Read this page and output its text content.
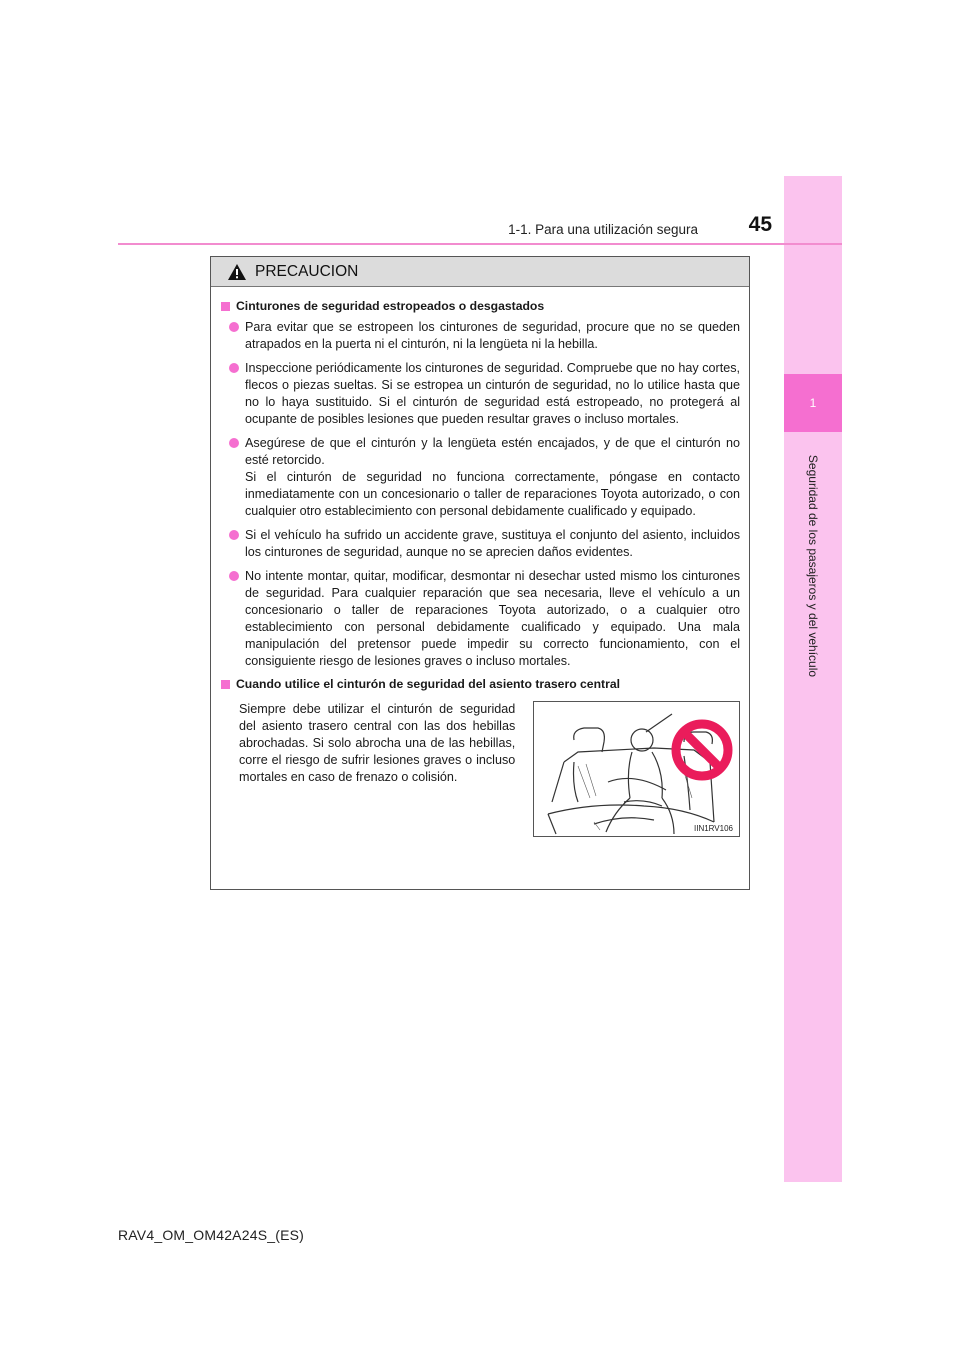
1
Seguridad de los pasajeros y del vehículo
1-1. Para una utilización segura	45
PRECAUCION
Cinturones de seguridad estropeados o desgastados
Para evitar que se estropeen los cinturones de seguridad, procure que no se queden atrapados en la puerta ni el cinturón, ni la lengüeta ni la hebilla.
Inspeccione periódicamente los cinturones de seguridad. Compruebe que no hay cortes, flecos o piezas sueltas. Si se estropea un cinturón de seguridad, no lo utilice hasta que no lo haya sustituido. Si el cinturón de seguridad está estropeado, no protegerá al ocupante de posibles lesiones que pueden resultar graves o incluso mortales.

Asegúrese de que el cinturón y la lengüeta estén encajados, y de que el cinturón no esté retorcido.

Si el cinturón de seguridad no funciona correctamente, póngase en contacto inmediatamente con un concesionario o taller de reparaciones Toyota autorizado, o con cualquier otro establecimiento con personal debidamente cualificado y equipado.

Si el vehículo ha sufrido un accidente grave, sustituya el conjunto del asiento, incluidos los cinturones de seguridad, aunque no se aprecien daños evidentes.
No intente montar, quitar, modificar, desmontar ni desechar usted mismo los cinturones de seguridad. Para cualquier reparación que sea necesaria, lleve el vehículo a un concesionario o taller de reparaciones Toyota autorizado, o a cualquier otro establecimiento con personal debidamente cualificado y equipado. Una mala manipulación del pretensor puede impedir su correcto funcionamiento, con el consiguiente riesgo de lesiones graves o incluso mortales.
Cuando utilice el cinturón de seguridad del asiento trasero central
Siempre debe utilizar el cinturón de seguridad del asiento trasero central con las dos hebillas abrochadas. Si solo abrocha una de las hebillas, corre el riesgo de sufrir lesiones graves o incluso mortales en caso de frenazo o colisión.
IIN1RV106
RAV4_OM_OM42A24S_(ES)
